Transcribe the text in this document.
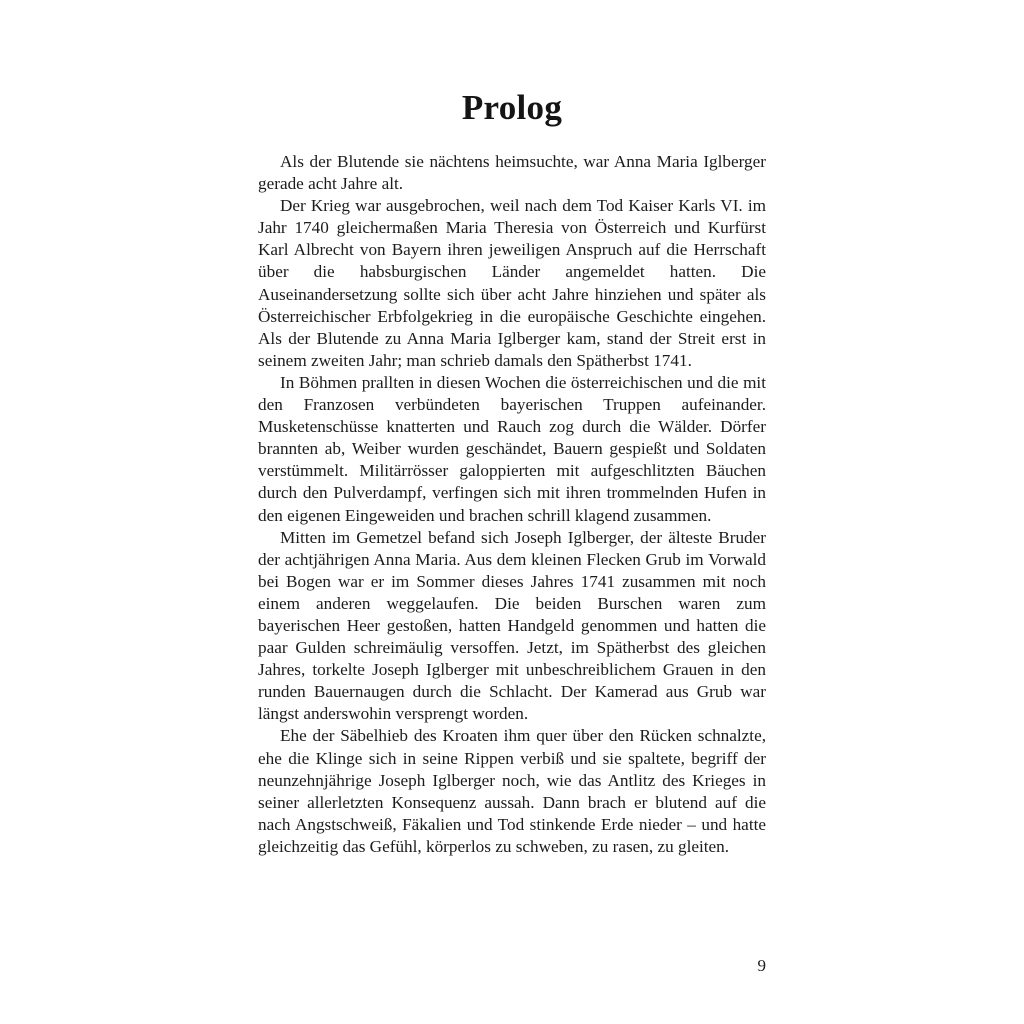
Prolog

Als der Blutende sie nächtens heimsuchte, war Anna Maria Iglberger gerade acht Jahre alt.

Der Krieg war ausgebrochen, weil nach dem Tod Kaiser Karls VI. im Jahr 1740 gleichermaßen Maria Theresia von Österreich und Kurfürst Karl Albrecht von Bayern ihren jeweiligen Anspruch auf die Herrschaft über die habsburgischen Länder angemeldet hatten. Die Auseinandersetzung sollte sich über acht Jahre hinziehen und später als Österreichischer Erbfolgekrieg in die europäische Geschichte eingehen. Als der Blutende zu Anna Maria Iglberger kam, stand der Streit erst in seinem zweiten Jahr; man schrieb damals den Spätherbst 1741.

In Böhmen prallten in diesen Wochen die österreichischen und die mit den Franzosen verbündeten bayerischen Truppen aufeinander. Musketenschüsse knatterten und Rauch zog durch die Wälder. Dörfer brannten ab, Weiber wurden geschändet, Bauern gespießt und Soldaten verstümmelt. Militärrösser galoppierten mit aufgeschlitzten Bäuchen durch den Pulverdampf, verfingen sich mit ihren trommelnden Hufen in den eigenen Eingeweiden und brachen schrill klagend zusammen.

Mitten im Gemetzel befand sich Joseph Iglberger, der älteste Bruder der achtjährigen Anna Maria. Aus dem kleinen Flecken Grub im Vorwald bei Bogen war er im Sommer dieses Jahres 1741 zusammen mit noch einem anderen weggelaufen. Die beiden Burschen waren zum bayerischen Heer gestoßen, hatten Handgeld genommen und hatten die paar Gulden schreimäulig versoffen. Jetzt, im Spätherbst des gleichen Jahres, torkelte Joseph Iglberger mit unbeschreiblichem Grauen in den runden Bauernaugen durch die Schlacht. Der Kamerad aus Grub war längst anderswohin versprengt worden.

Ehe der Säbelhieb des Kroaten ihm quer über den Rücken schnalzte, ehe die Klinge sich in seine Rippen verbiß und sie spaltete, begriff der neunzehnjährige Joseph Iglberger noch, wie das Antlitz des Krieges in seiner allerletzten Konsequenz aussah. Dann brach er blutend auf die nach Angstschweiß, Fäkalien und Tod stinkende Erde nieder – und hatte gleichzeitig das Gefühl, körperlos zu schweben, zu rasen, zu gleiten.

9
